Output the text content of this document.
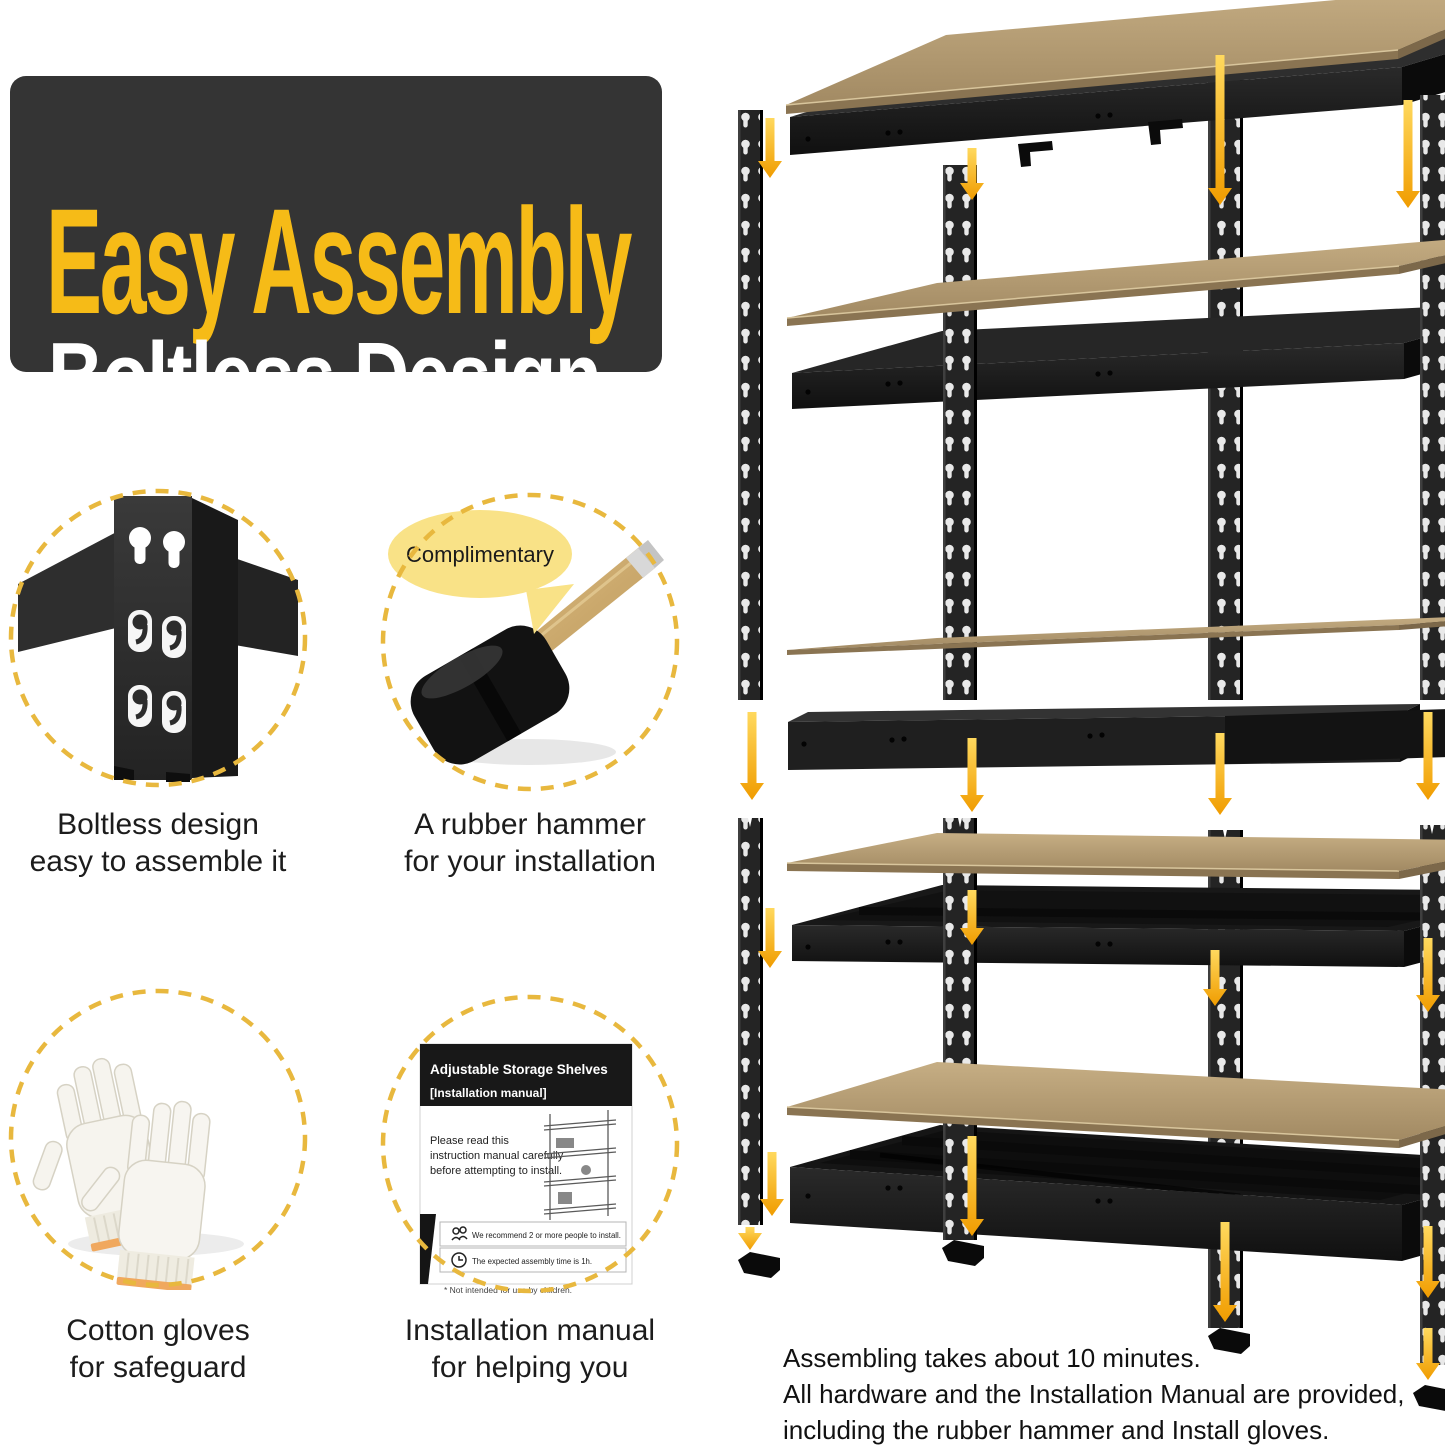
Easy Assembly
Boltless Design
Complimentary
Adjustable Storage Shelves
[Installation manual]
Please read this
instruction manual carefully
before attempting to install.
We recommend 2 or more people to install.
The expected assembly time is 1h.
* Not intended for use by children.
Boltless design
easy to assemble it
A rubber hammer
for your installation
Cotton gloves
for safeguard
Installation manual
for helping you	Assembling takes about 10 minutes.
All hardware and the Installation Manual are provided,
including the rubber hammer and Install gloves.
